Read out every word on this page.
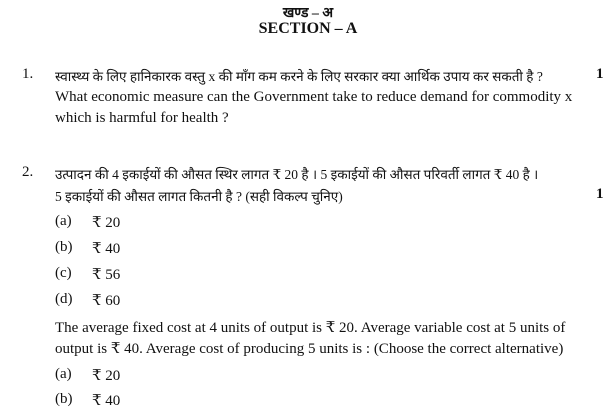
खण्ड – अ
SECTION – A
1.	1
स्वास्थ्य के लिए हानिकारक वस्तु x की माँग कम करने के लिए सरकार क्या आर्थिक उपाय कर सकती है ?
What economic measure can the Government take to reduce demand for commodity x
which is harmful for health ?
2. उत्पादन की 4 इकाईयों की औसत स्थिर लागत ₹ 20 है । 5 इकाईयों की औसत परिवर्ती लागत ₹ 40 है ।
5 इकाईयों की औसत लागत कितनी है ? (सही विकल्प चुनिए)	1
(a) ₹ 20
(b) ₹ 40
(c) ₹ 56
(d) ₹ 60
The average fixed cost at 4 units of output is ₹ 20. Average variable cost at 5 units of
output is ₹ 40. Average cost of producing 5 units is : (Choose the correct alternative)
(a) ₹ 20
(b) ₹ 40
